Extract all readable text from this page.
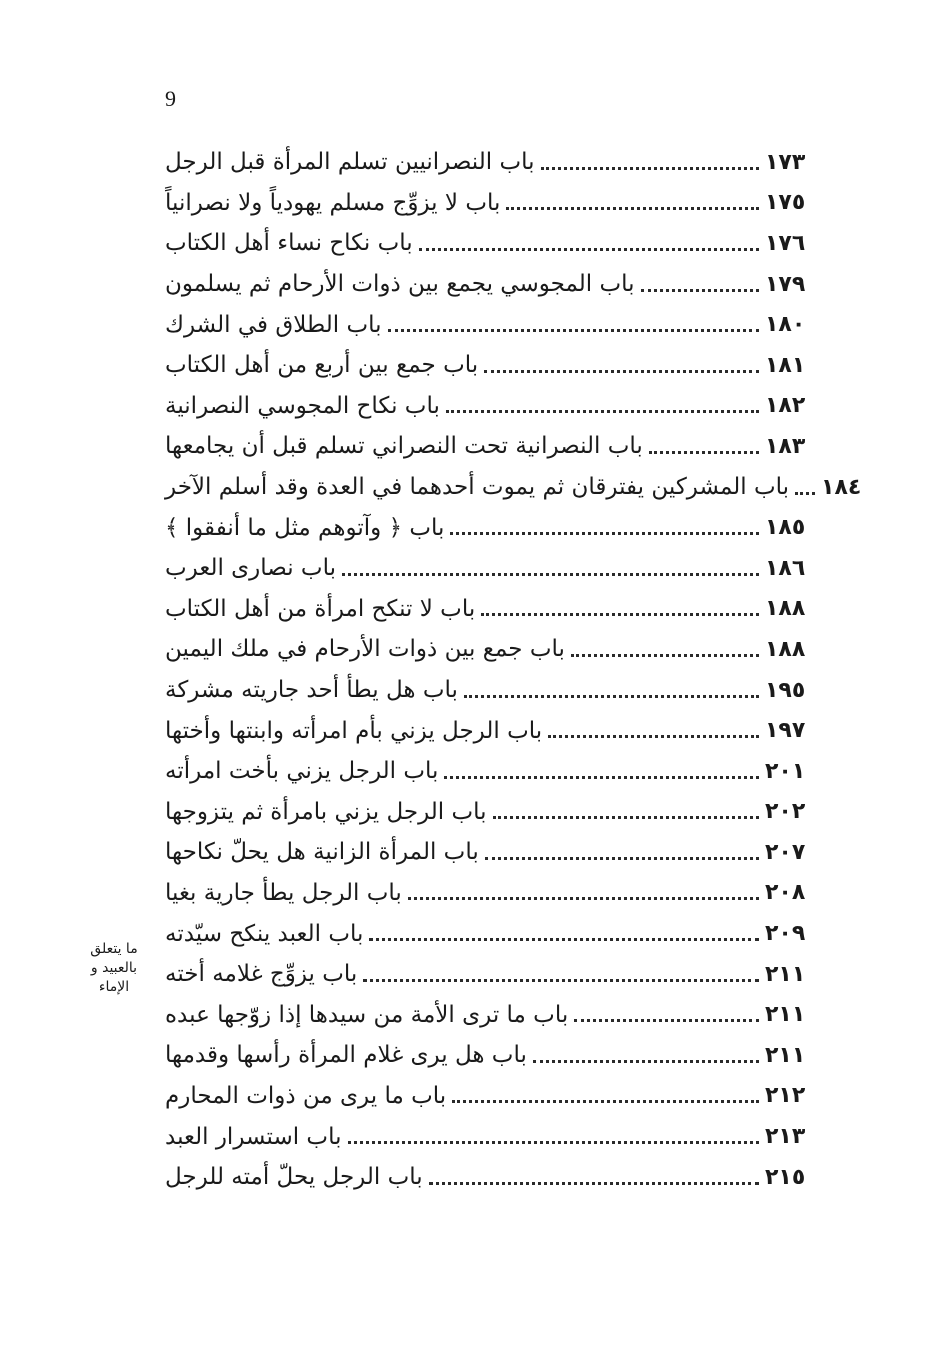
9
باب النصرانيين تسلم المرأة قبل الرجل	١٧٣
باب لا يزوِّج مسلم يهودياً ولا نصرانياً	١٧٥
باب نكاح نساء أهل الكتاب	١٧٦
باب المجوسي يجمع بين ذوات الأرحام ثم يسلمون	١٧٩
باب الطلاق في الشرك	١٨٠
باب جمع بين أربع من أهل الكتاب	١٨١
باب نكاح المجوسي النصرانية	١٨٢
باب النصرانية تحت النصراني تسلم قبل أن يجامعها	١٨٣
باب المشركين يفترقان ثم يموت أحدهما في العدة وقد أسلم الآخر ١٨٤
باب ﴿ وآتوهم مثل ما أنفقوا ﴾	١٨٥
باب نصارى العرب	١٨٦
باب لا تنكح امرأة من أهل الكتاب	١٨٨
باب جمع بين ذوات الأرحام في ملك اليمين	١٨٨
باب هل يطأ أحد جاريته مشركة	١٩٥
باب الرجل يزني بأم امرأته وابنتها وأختها	١٩٧
باب الرجل يزني بأخت امرأته	٢٠١
باب الرجل يزني بامرأة ثم يتزوجها	٢٠٢
باب المرأة الزانية هل يحلّ نكاحها	٢٠٧
باب الرجل يطأ جارية بغيا	٢٠٨
باب العبد ينكح سيّدته	٢٠٩
باب يزوِّج غلامه أخته	٢١١
باب ما ترى الأمة من سيدها إذا زوّجها عبده	٢١١
باب هل يرى غلام المرأة رأسها وقدمها	٢١١
باب ما يرى من ذوات المحارم	٢١٢
باب استسرار العبد	٢١٣
باب الرجل يحلّ أمته للرجل	٢١٥
ما يتعلق
بالعبيد و
الإماء
